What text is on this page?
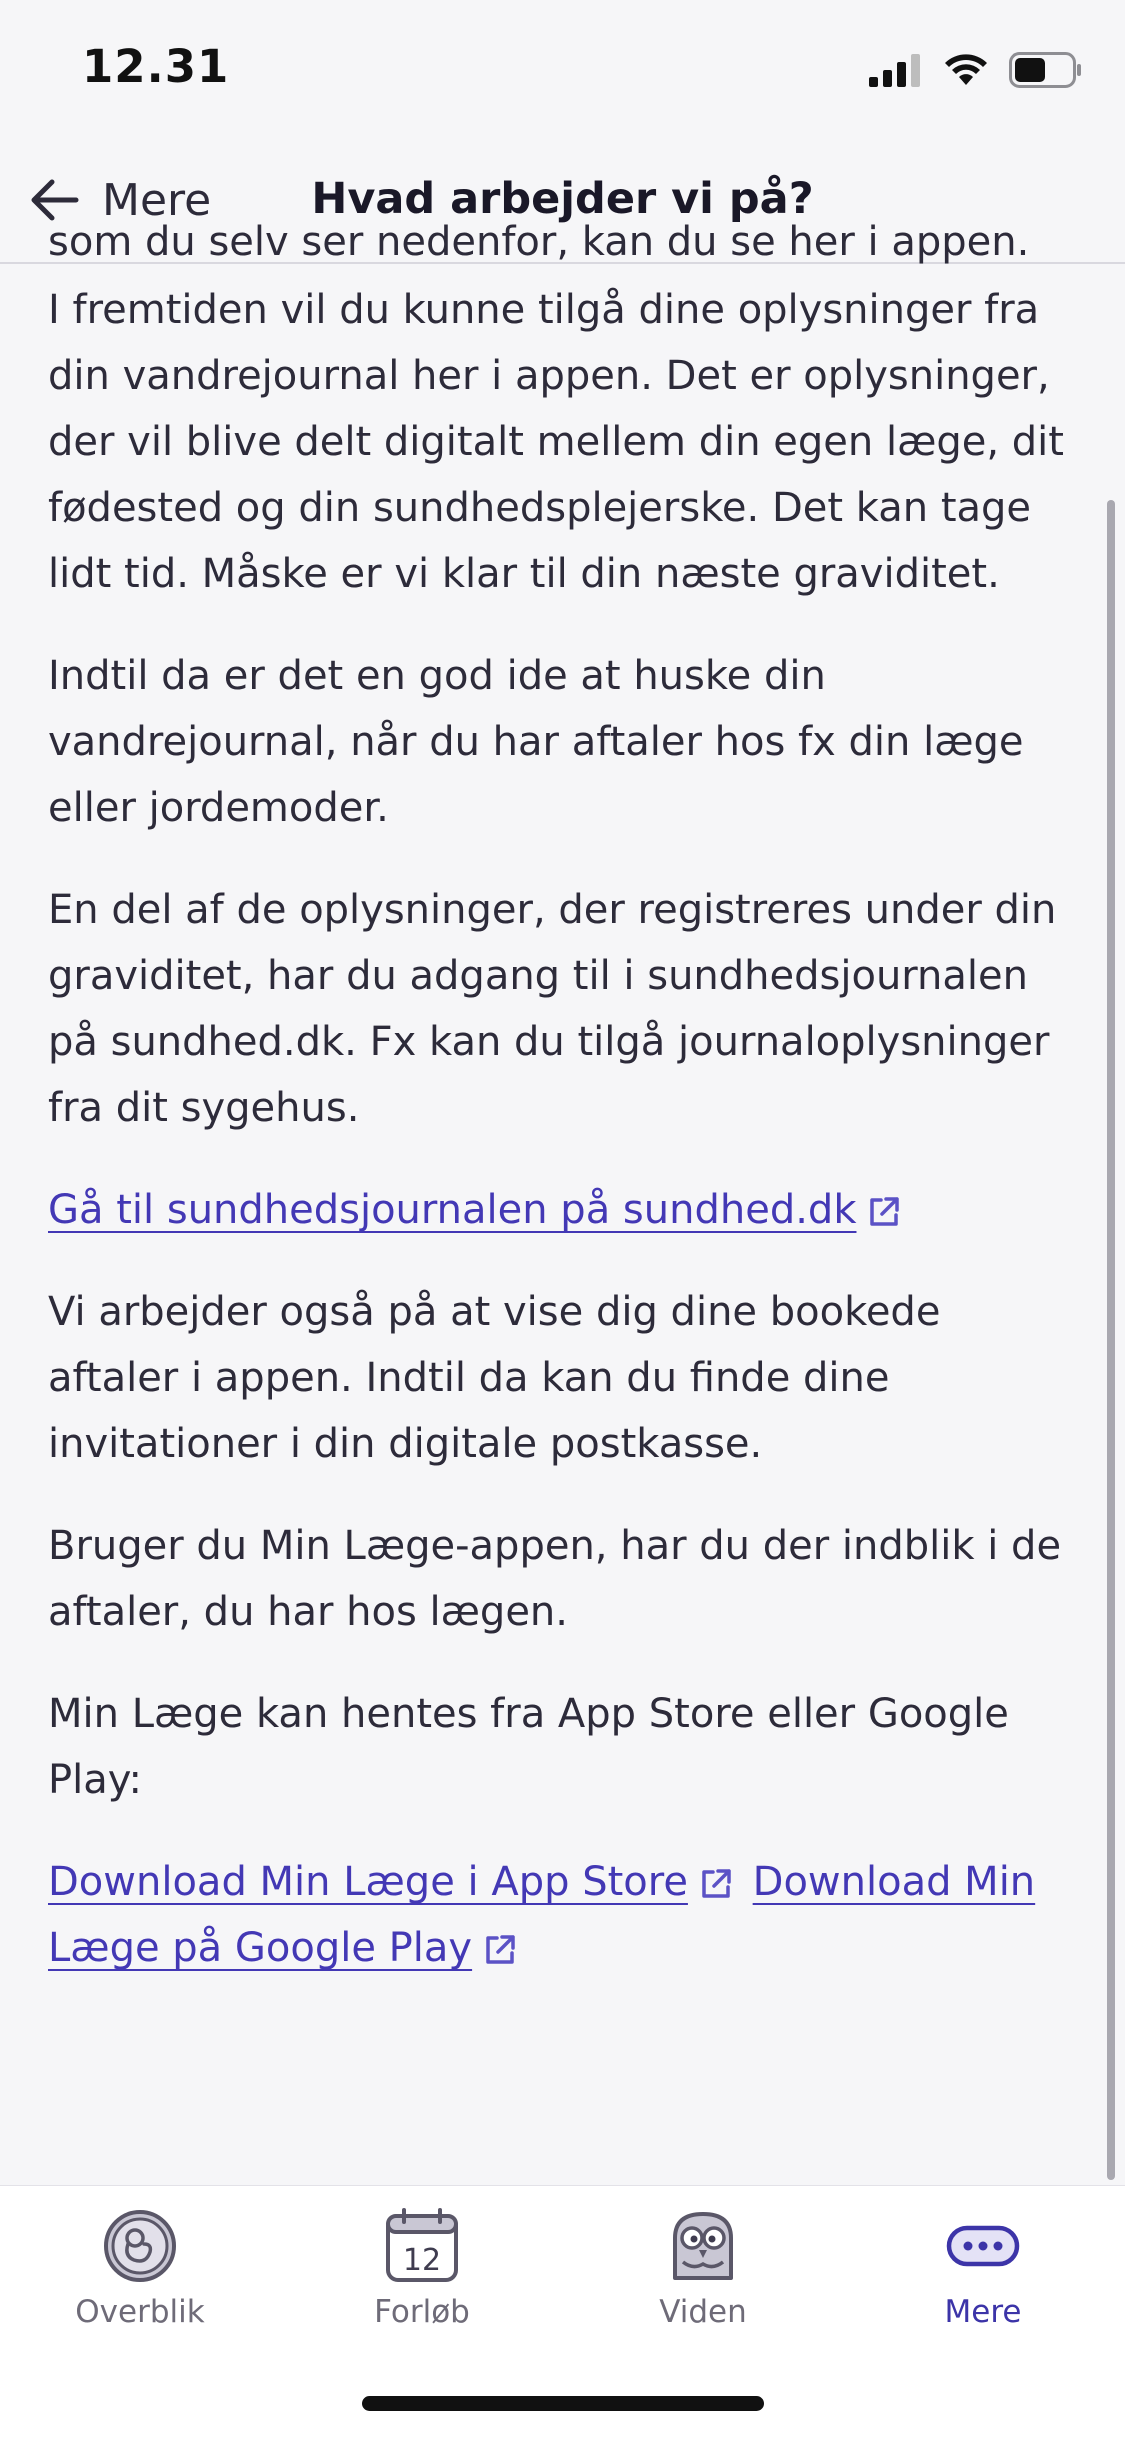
12.31
Mere	Hvad arbejder vi på?
som du selv ser nedenfor, kan du se her i appen.

I fremtiden vil du kunne tilgå dine oplysninger fra din vandrejournal her i appen. Det er oplysninger, der vil blive delt digitalt mellem din egen læge, dit fødested og din sundhedsplejerske. Det kan tage lidt tid. Måske er vi klar til din næste graviditet.

Indtil da er det en god ide at huske din vandrejournal, når du har aftaler hos fx din læge eller jordemoder.

En del af de oplysninger, der registreres under din graviditet, har du adgang til i sundhedsjournalen på sundhed.dk. Fx kan du tilgå journaloplysninger fra dit sygehus.

Gå til sundhedsjournalen på sundhed.dk

Vi arbejder også på at vise dig dine bookede aftaler i appen. Indtil da kan du finde dine invitationer i din digitale postkasse.

Bruger du Min Læge-appen, har du der indblik i de aftaler, du har hos lægen.

Min Læge kan hentes fra App Store eller Google Play:

Download Min Læge i App Store Download Min Læge på Google Play

Overblik
12
Forløb	Viden	Mere
